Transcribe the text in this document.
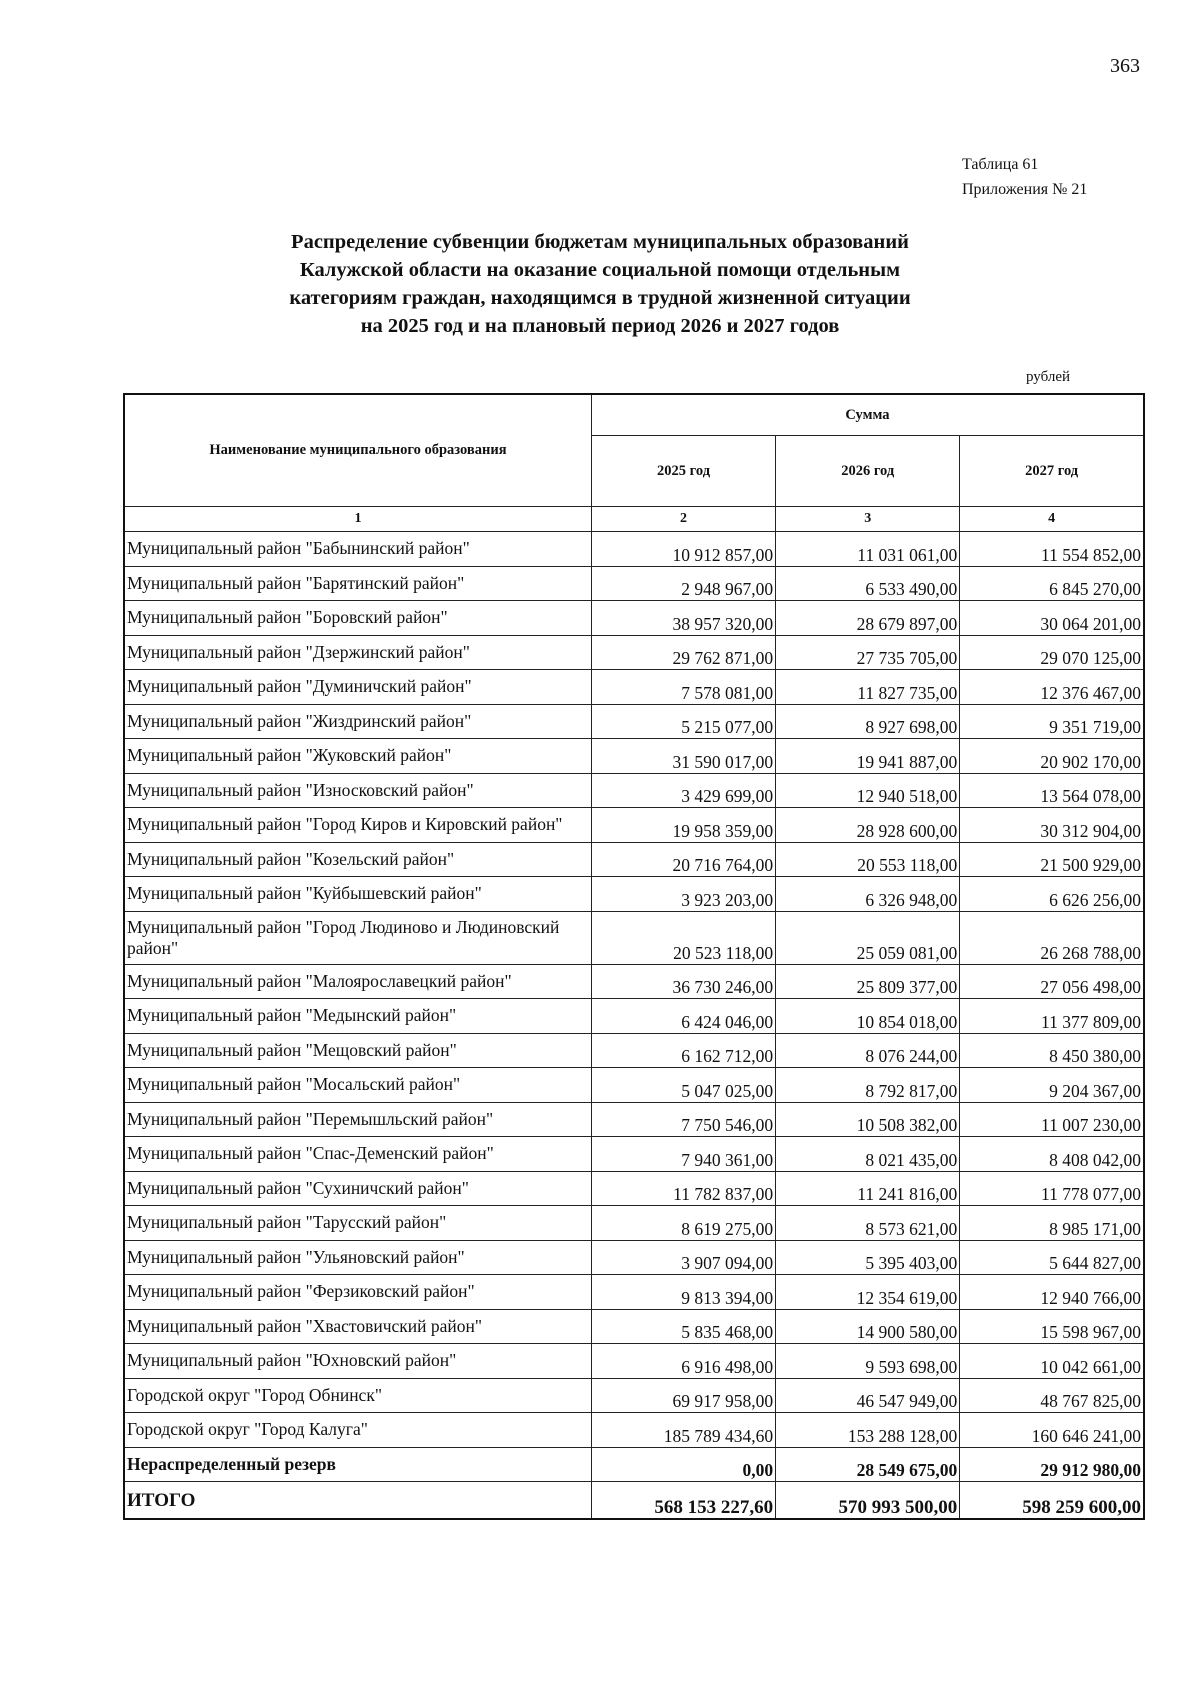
363
Таблица 61
Приложения № 21
Распределение субвенции бюджетам муниципальных образований
Калужской области на оказание социальной помощи отдельным
категориям граждан, находящимся в трудной жизненной ситуации
на 2025 год и на плановый период 2026 и 2027 годов
рублей
Наименование муниципального образования	Сумма		
	2025 год	2026 год	2027 год
1	2	3	4
Муниципальный район "Бабынинский район"	10 912 857,00	11 031 061,00	11 554 852,00
Муниципальный район "Барятинский район"	2 948 967,00	6 533 490,00	6 845 270,00
Муниципальный район "Боровский район"	38 957 320,00	28 679 897,00	30 064 201,00
Муниципальный район "Дзержинский район"	29 762 871,00	27 735 705,00	29 070 125,00
Муниципальный район "Думиничский район"	7 578 081,00	11 827 735,00	12 376 467,00
Муниципальный район "Жиздринский район"	5 215 077,00	8 927 698,00	9 351 719,00
Муниципальный район "Жуковский район"	31 590 017,00	19 941 887,00	20 902 170,00
Муниципальный район "Износковский район"	3 429 699,00	12 940 518,00	13 564 078,00
Муниципальный район "Город Киров и Кировский район"	19 958 359,00	28 928 600,00	30 312 904,00
Муниципальный район "Козельский район"	20 716 764,00	20 553 118,00	21 500 929,00
Муниципальный район "Куйбышевский район"	3 923 203,00	6 326 948,00	6 626 256,00
Муниципальный район "Город Людиново и Людиновский район"	20 523 118,00	25 059 081,00	26 268 788,00
Муниципальный район "Малоярославецкий район"	36 730 246,00	25 809 377,00	27 056 498,00
Муниципальный район "Медынский район"	6 424 046,00	10 854 018,00	11 377 809,00
Муниципальный район "Мещовский район"	6 162 712,00	8 076 244,00	8 450 380,00
Муниципальный район "Мосальский район"	5 047 025,00	8 792 817,00	9 204 367,00
Муниципальный район "Перемышльский район"	7 750 546,00	10 508 382,00	11 007 230,00
Муниципальный район "Спас-Деменский район"	7 940 361,00	8 021 435,00	8 408 042,00
Муниципальный район "Сухиничский район"	11 782 837,00	11 241 816,00	11 778 077,00
Муниципальный район "Тарусский район"	8 619 275,00	8 573 621,00	8 985 171,00
Муниципальный район "Ульяновский район"	3 907 094,00	5 395 403,00	5 644 827,00
Муниципальный район "Ферзиковский район"	9 813 394,00	12 354 619,00	12 940 766,00
Муниципальный район "Хвастовичский район"	5 835 468,00	14 900 580,00	15 598 967,00
Муниципальный район "Юхновский район"	6 916 498,00	9 593 698,00	10 042 661,00
Городской округ "Город Обнинск"	69 917 958,00	46 547 949,00	48 767 825,00
Городской округ "Город Калуга"	185 789 434,60	153 288 128,00	160 646 241,00
Нераспределенный резерв	0,00	28 549 675,00	29 912 980,00
ИТОГО	568 153 227,60	570 993 500,00	598 259 600,00
